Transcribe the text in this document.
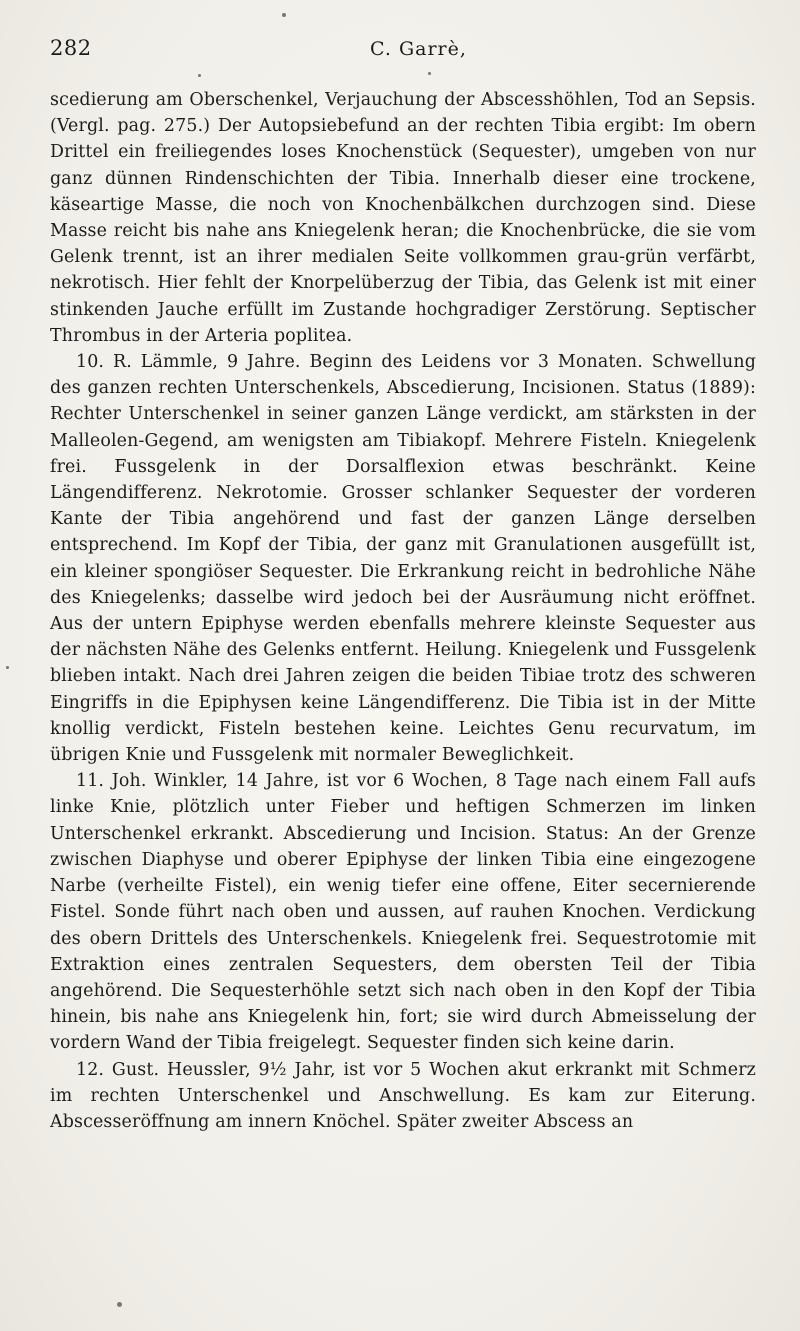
282	C. Garrè,

scedierung am Oberschenkel, Verjauchung der Abscesshöhlen, Tod an Sepsis. (Vergl. pag. 275.) Der Autopsiebefund an der rechten Tibia ergibt: Im obern Drittel ein freiliegendes loses Knochenstück (Sequester), umgeben von nur ganz dünnen Rindenschichten der Tibia. Innerhalb dieser eine trockene, käseartige Masse, die noch von Knochenbälkchen durchzogen sind. Diese Masse reicht bis nahe ans Kniegelenk heran; die Knochenbrücke, die sie vom Gelenk trennt, ist an ihrer medialen Seite vollkommen grau-grün verfärbt, nekrotisch. Hier fehlt der Knorpelüberzug der Tibia, das Gelenk ist mit einer stinkenden Jauche erfüllt im Zustande hochgradiger Zerstörung. Septischer Thrombus in der Arteria poplitea.

10. R. Lämmle, 9 Jahre. Beginn des Leidens vor 3 Monaten. Schwellung des ganzen rechten Unterschenkels, Abscedierung, Incisionen. Status (1889): Rechter Unterschenkel in seiner ganzen Länge verdickt, am stärksten in der Malleolen-Gegend, am wenigsten am Tibiakopf. Mehrere Fisteln. Kniegelenk frei. Fussgelenk in der Dorsalflexion etwas beschränkt. Keine Längendifferenz. Nekrotomie. Grosser schlanker Sequester der vorderen Kante der Tibia angehörend und fast der ganzen Länge derselben entsprechend. Im Kopf der Tibia, der ganz mit Granulationen ausgefüllt ist, ein kleiner spongiöser Sequester. Die Erkrankung reicht in bedrohliche Nähe des Kniegelenks; dasselbe wird jedoch bei der Ausräumung nicht eröffnet. Aus der untern Epiphyse werden ebenfalls mehrere kleinste Sequester aus der nächsten Nähe des Gelenks entfernt. Heilung. Kniegelenk und Fussgelenk blieben intakt. Nach drei Jahren zeigen die beiden Tibiae trotz des schweren Eingriffs in die Epiphysen keine Längendifferenz. Die Tibia ist in der Mitte knollig verdickt, Fisteln bestehen keine. Leichtes Genu recurvatum, im übrigen Knie und Fussgelenk mit normaler Beweglichkeit.

11. Joh. Winkler, 14 Jahre, ist vor 6 Wochen, 8 Tage nach einem Fall aufs linke Knie, plötzlich unter Fieber und heftigen Schmerzen im linken Unterschenkel erkrankt. Abscedierung und Incision. Status: An der Grenze zwischen Diaphyse und oberer Epiphyse der linken Tibia eine eingezogene Narbe (verheilte Fistel), ein wenig tiefer eine offene, Eiter secernierende Fistel. Sonde führt nach oben und aussen, auf rauhen Knochen. Verdickung des obern Drittels des Unterschenkels. Kniegelenk frei. Sequestrotomie mit Extraktion eines zentralen Sequesters, dem obersten Teil der Tibia angehörend. Die Sequesterhöhle setzt sich nach oben in den Kopf der Tibia hinein, bis nahe ans Kniegelenk hin, fort; sie wird durch Abmeisselung der vordern Wand der Tibia freigelegt. Sequester finden sich keine darin.

12. Gust. Heussler, 9½ Jahr, ist vor 5 Wochen akut erkrankt mit Schmerz im rechten Unterschenkel und Anschwellung. Es kam zur Eiterung. Abscesseröffnung am innern Knöchel. Später zweiter Abscess an
